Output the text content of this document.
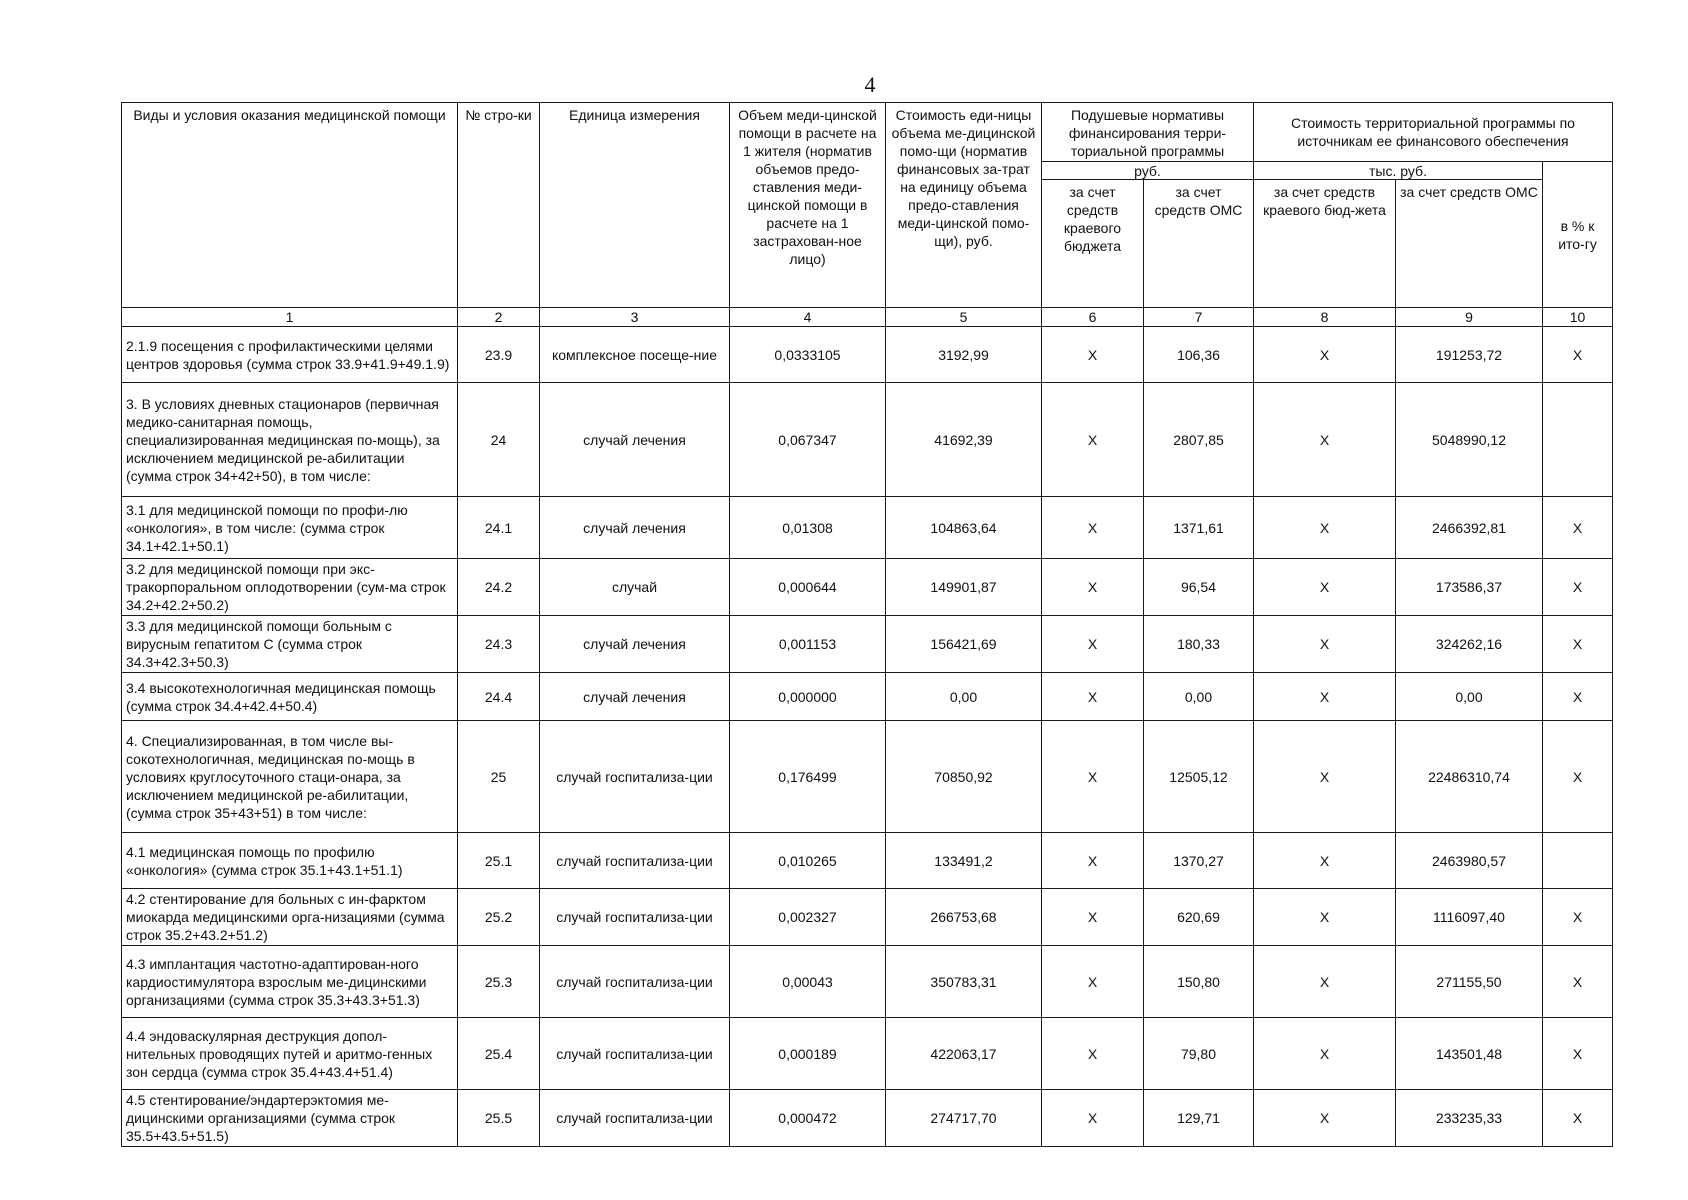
4
Виды и условия оказания медицинской помощи	№ стро-ки	Единица измерения	Объем меди-цинской помощи в расчете на 1 жителя (норматив объемов предо-ставления меди-цинской помощи в расчете на 1 застрахован-ное лицо)	Стоимость еди-ницы объема ме-дицинской помо-щи (норматив финансовых за-трат на единицу объема предо-ставления меди-цинской помо-щи), руб.	Подушевые нормативы финансирования терри-ториальной программы		Стоимость территориальной программы по источникам ее финансового обеспечения		
					руб.		тыс. руб.		в % к ито-гу
					за счет средств краевого бюджета	за счет средств ОМС	за счет средств краевого бюд-жета	за счет средств ОМС	
1	2	3	4	5	6	7	8	9	10
2.1.9 посещения с профилактическими целями центров здоровья (сумма строк 33.9+41.9+49.1.9)	23.9	комплексное посеще-ние	0,0333105	3192,99	X	106,36	X	191253,72	X
3. В условиях дневных стационаров (первичная медико-санитарная помощь, специализированная медицинская по-мощь), за исключением медицинской ре-абилитации (сумма строк 34+42+50), в том числе:	24	случай лечения	0,067347	41692,39	X	2807,85	X	5048990,12	
3.1 для медицинской помощи по профи-лю «онкология», в том числе: (сумма строк 34.1+42.1+50.1)	24.1	случай лечения	0,01308	104863,64	X	1371,61	X	2466392,81	X
3.2 для медицинской помощи при экс-тракорпоральном оплодотворении (сум-ма строк 34.2+42.2+50.2)	24.2	случай	0,000644	149901,87	X	96,54	X	173586,37	X
3.3 для медицинской помощи больным с вирусным гепатитом С (сумма строк 34.3+42.3+50.3)	24.3	случай лечения	0,001153	156421,69	X	180,33	X	324262,16	X
3.4 высокотехнологичная медицинская помощь (сумма строк 34.4+42.4+50.4)	24.4	случай лечения	0,000000	0,00	X	0,00	X	0,00	X
4. Специализированная, в том числе вы-сокотехнологичная, медицинская по-мощь в условиях круглосуточного стаци-онара, за исключением медицинской ре-абилитации, (сумма строк 35+43+51) в том числе:	25	случай госпитализа-ции	0,176499	70850,92	X	12505,12	X	22486310,74	X
4.1 медицинская помощь по профилю «онкология» (сумма строк 35.1+43.1+51.1)	25.1	случай госпитализа-ции	0,010265	133491,2	X	1370,27	X	2463980,57	
4.2 стентирование для больных с ин-фарктом миокарда медицинскими орга-низациями (сумма строк 35.2+43.2+51.2)	25.2	случай госпитализа-ции	0,002327	266753,68	X	620,69	X	1116097,40	X
4.3 имплантация частотно-адаптирован-ного кардиостимулятора взрослым ме-дицинскими организациями (сумма строк 35.3+43.3+51.3)	25.3	случай госпитализа-ции	0,00043	350783,31	X	150,80	X	271155,50	X
4.4 эндоваскулярная деструкция допол-нительных проводящих путей и аритмо-генных зон сердца (сумма строк 35.4+43.4+51.4)	25.4	случай госпитализа-ции	0,000189	422063,17	X	79,80	X	143501,48	X
4.5 стентирование/эндартерэктомия ме-дицинскими организациями (сумма строк 35.5+43.5+51.5)	25.5	случай госпитализа-ции	0,000472	274717,70	X	129,71	X	233235,33	X
